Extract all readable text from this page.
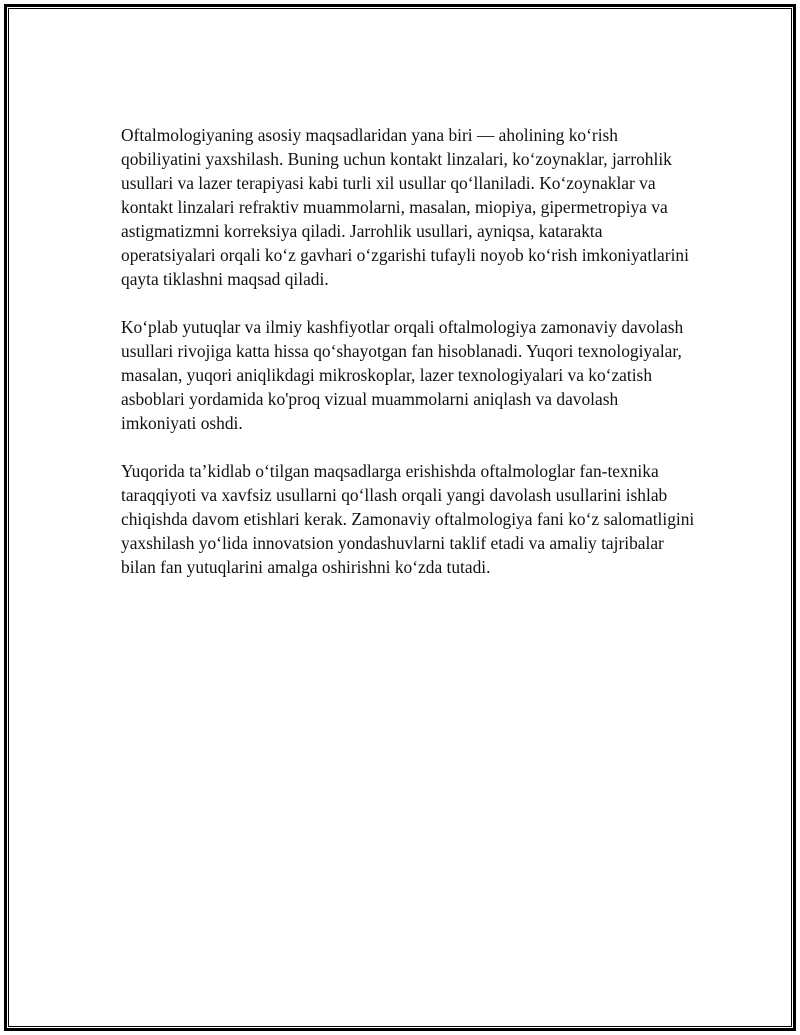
Oftalmologiyaning asosiy maqsadlaridan yana biri — aholining ko‘rish qobiliyatini yaxshilash. Buning uchun kontakt linzalari, ko‘zoynaklar, jarrohlik usullari va lazer terapiyasi kabi turli xil usullar qo‘llaniladi. Ko‘zoynaklar va kontakt linzalari refraktiv muammolarni, masalan, miopiya, gipermetropiya va astigmatizmni korreksiya qiladi. Jarrohlik usullari, ayniqsa, katarakta operatsiyalari orqali ko‘z gavhari o‘zgarishi tufayli noyob ko‘rish imkoniyatlarini qayta tiklashni maqsad qiladi.

Ko‘plab yutuqlar va ilmiy kashfiyotlar orqali oftalmologiya zamonaviy davolash usullari rivojiga katta hissa qo‘shayotgan fan hisoblanadi. Yuqori texnologiyalar, masalan, yuqori aniqlikdagi mikroskoplar, lazer texnologiyalari va ko‘zatish asboblari yordamida ko'proq vizual muammolarni aniqlash va davolash imkoniyati oshdi.

Yuqorida ta’kidlab o‘tilgan maqsadlarga erishishda oftalmologlar fan-texnika taraqqiyoti va xavfsiz usullarni qo‘llash orqali yangi davolash usullarini ishlab chiqishda davom etishlari kerak. Zamonaviy oftalmologiya fani ko‘z salomatligini yaxshilash yo‘lida innovatsion yondashuvlarni taklif etadi va amaliy tajribalar bilan fan yutuqlarini amalga oshirishni ko‘zda tutadi.
